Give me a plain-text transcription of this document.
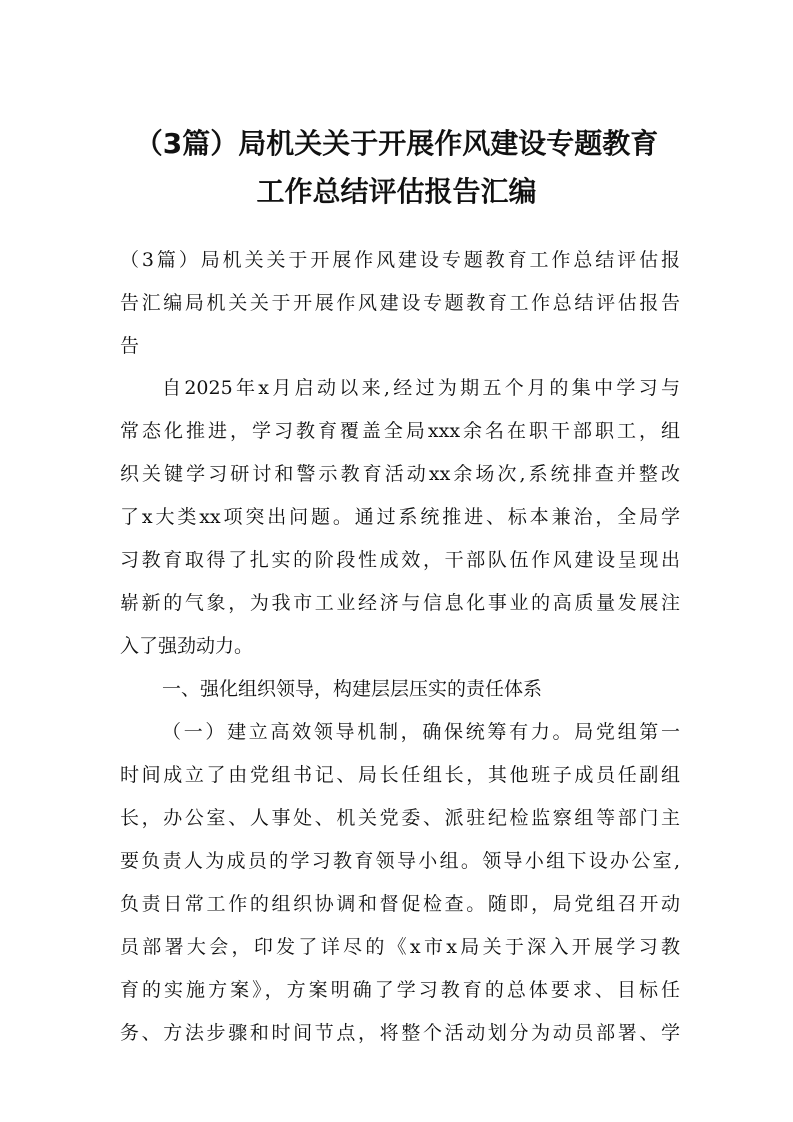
（3篇）局机关关于开展作风建设专题教育
工作总结评估报告汇编

（3篇）局机关关于开展作风建设专题教育工作总结评估报

告汇编局机关关于开展作风建设专题教育工作总结评估报告

告

自2025年x月启动以来,经过为期五个月的集中学习与

常态化推进，学习教育覆盖全局xxx余名在职干部职工，组

织关键学习研讨和警示教育活动xx余场次,系统排查并整改

了x大类xx项突出问题。通过系统推进、标本兼治，全局学

习教育取得了扎实的阶段性成效，干部队伍作风建设呈现出

崭新的气象，为我市工业经济与信息化事业的高质量发展注

入了强劲动力。

一、强化组织领导，构建层层压实的责任体系

（一）建立高效领导机制，确保统筹有力。局党组第一

时间成立了由党组书记、局长任组长，其他班子成员任副组

长，办公室、人事处、机关党委、派驻纪检监察组等部门主

要负责人为成员的学习教育领导小组。领导小组下设办公室,

负责日常工作的组织协调和督促检查。随即，局党组召开动

员部署大会，印发了详尽的《x市x局关于深入开展学习教

育的实施方案》，方案明确了学习教育的总体要求、目标任

务、方法步骤和时间节点，将整个活动划分为动员部署、学
